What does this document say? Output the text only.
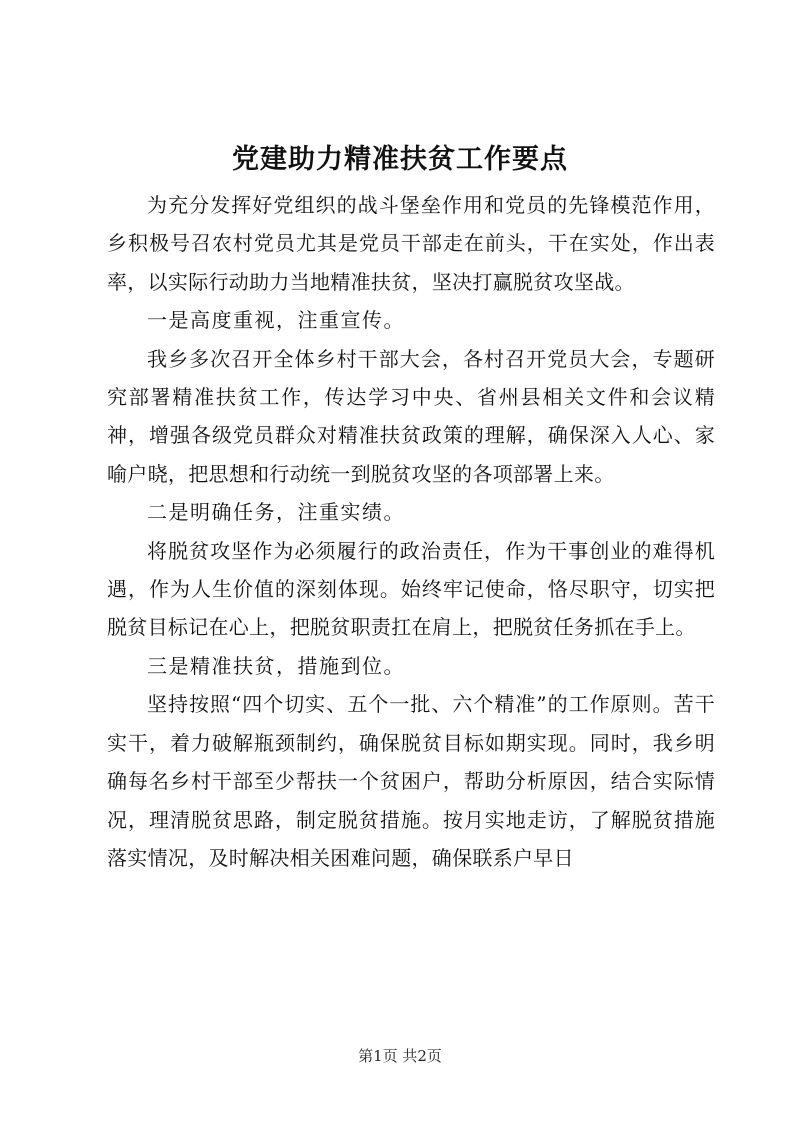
党建助力精准扶贫工作要点

为充分发挥好党组织的战斗堡垒作用和党员的先锋模范作用，乡积极号召农村党员尤其是党员干部走在前头，干在实处，作出表率，以实际行动助力当地精准扶贫，坚决打赢脱贫攻坚战。

一是高度重视，注重宣传。

我乡多次召开全体乡村干部大会，各村召开党员大会，专题研究部署精准扶贫工作，传达学习中央、省州县相关文件和会议精神，增强各级党员群众对精准扶贫政策的理解，确保深入人心、家喻户晓，把思想和行动统一到脱贫攻坚的各项部署上来。

二是明确任务，注重实绩。

将脱贫攻坚作为必须履行的政治责任，作为干事创业的难得机遇，作为人生价值的深刻体现。始终牢记使命，恪尽职守，切实把脱贫目标记在心上，把脱贫职责扛在肩上，把脱贫任务抓在手上。

三是精准扶贫，措施到位。

坚持按照“四个切实、五个一批、六个精准”的工作原则。苦干实干，着力破解瓶颈制约，确保脱贫目标如期实现。同时，我乡明确每名乡村干部至少帮扶一个贫困户，帮助分析原因，结合实际情况，理清脱贫思路，制定脱贫措施。按月实地走访，了解脱贫措施落实情况，及时解决相关困难问题，确保联系户早日

第1页 共2页
